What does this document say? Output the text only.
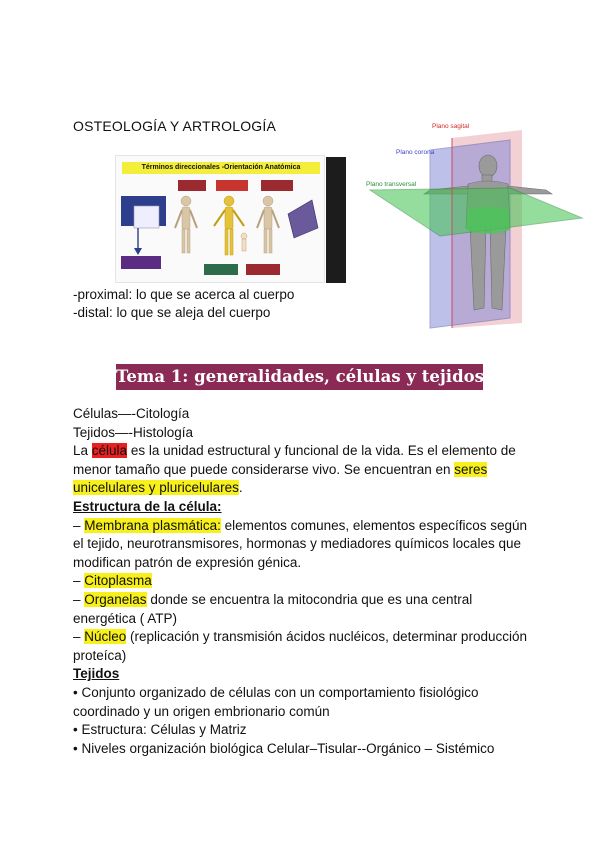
OSTEOLOGÍA Y ARTROLOGÍA
Términos direccionales -Orientación Anatómica
Plano sagital
Plano corona
Plano transversal
-proximal: lo que se acerca al cuerpo
-distal: lo que se aleja del cuerpo
Tema 1: generalidades, células y tejidos

Células—-Citología

Tejidos—-Histología

La célula es la unidad estructural y funcional de la vida. Es el elemento de menor tamaño que puede considerarse vivo. Se encuentran en seres unicelulares y pluricelulares.

Estructura de la célula:

– Membrana plasmática: elementos comunes, elementos específicos según el tejido, neurotransmisores, hormonas y mediadores químicos locales que modifican patrón de expresión génica.

– Citoplasma

– Organelas donde se encuentra la mitocondria que es una central energética ( ATP)

– Núcleo (replicación y transmisión ácidos nucléicos, determinar producción proteíca)

Tejidos

• Conjunto organizado de células con un comportamiento fisiológico coordinado y un origen embrionario común

• Estructura: Células y Matriz

• Niveles organización biológica Celular–Tisular--Orgánico – Sistémico
